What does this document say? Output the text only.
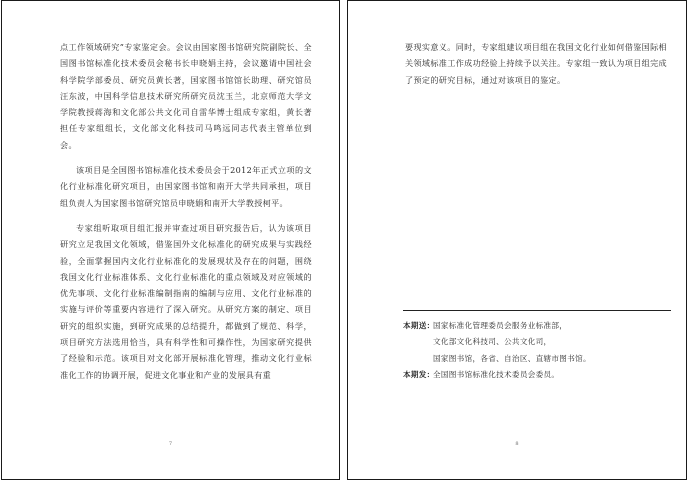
点工作领域研究”专家鉴定会。会议由国家图书馆研究院副院长、全国图书馆标准化技术委员会秘书长申晓娟主持，会议邀请中国社会科学院学部委员、研究员黄长著，国家图书馆馆长助理、研究馆员汪东波，中国科学信息技术研究所研究员沈玉兰，北京师范大学文学院教授蒋海和文化部公共文化司自雷华博士组成专家组，黄长著担任专家组组长，文化部文化科技司马鸣远同志代表主管单位到会。

该项目是全国图书馆标准化技术委员会于2012年正式立项的文化行业标准化研究项目，由国家图书馆和南开大学共同承担，项目组负责人为国家图书馆研究馆员申晓娟和南开大学教授柯平。

专家组听取项目组汇报并审查过项目研究报告后，认为该项目研究立足我国文化领域，借鉴国外文化标准化的研究成果与实践经验，全面掌握国内文化行业标准化的发展现状及存在的问题，围绕我国文化行业标准体系、文化行业标准化的重点领域及对应领域的优先事项、文化行业标准编制指南的编制与应用、文化行业标准的实施与评价等重要内容进行了深入研究。从研究方案的制定、项目研究的组织实施，到研究成果的总结提升，都做到了规范、科学，项目研究方法选用恰当，具有科学性和可操作性，为国家研究提供了经验和示范。该项目对文化部开展标准化管理，推动文化行业标准化工作的协调开展，促进文化事业和产业的发展具有重

7

要现实意义。同时，专家组建议项目组在我国文化行业如何借鉴国际相关领域标准工作成功经验上持续予以关注。专家组一致认为项目组完成了预定的研究目标，通过对该项目的鉴定。

本期送：
国家标准化管理委员会服务业标准部，
文化部文化科技司、公共文化司，
国家图书馆，各省、自治区、直辖市图书馆。
本期发：
全国图书馆标准化技术委员会委员。
8
